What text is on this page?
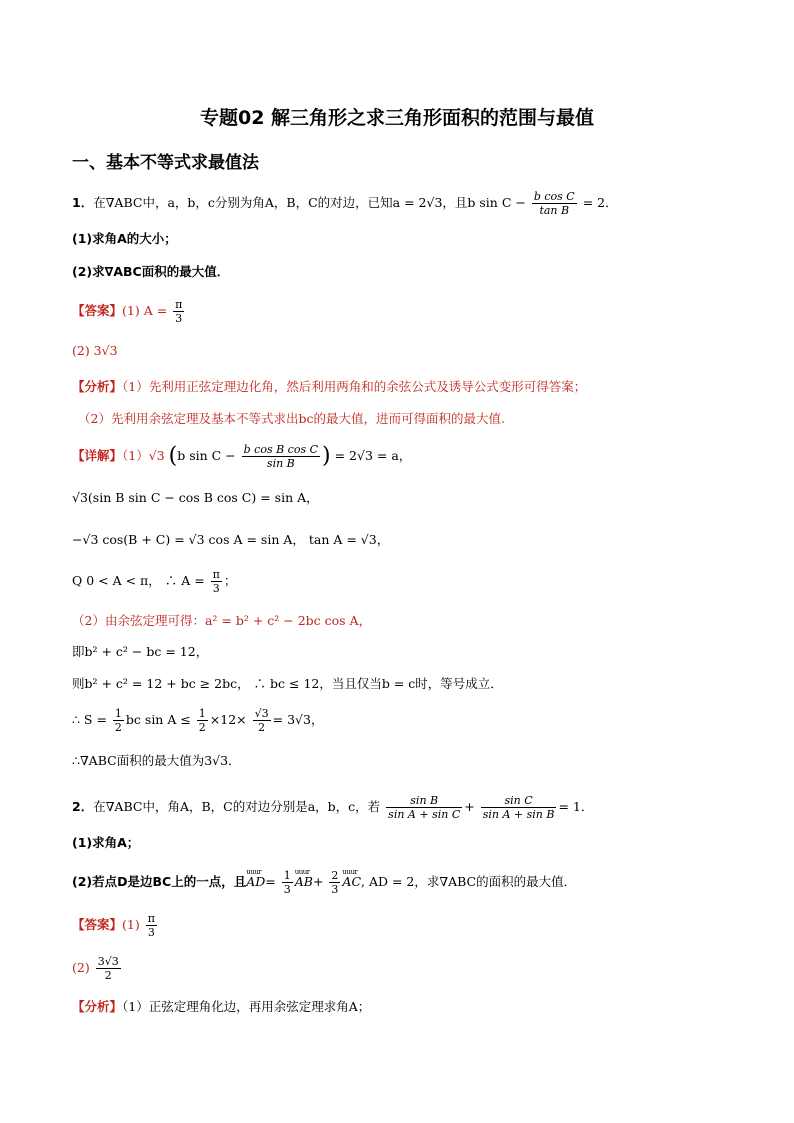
专题02 解三角形之求三角形面积的范围与最值
一、基本不等式求最值法
1．在∇ABC中，a，b，c分别为角A，B，C的对边，已知a = 2√3，且b $\sin C - \frac{\text{b cos C}}{\text{tan B}} = 2$．
(1)求角A的大小；
(2)求∇ABC面积的最大值．
【答案】(1) $A = \frac{\pi}{3}$
(2) 3√3
【分析】（1）先利用正弦定理边化角，然后利用两角和的余弦公式及诱导公式变形可得答案；
（2）先利用余弦定理及基本不等式求出bc的最大值，进而可得面积的最大值.
【详解】（1）√3 (b $\sin C - \frac{\text{b cos B cos C}}{\text{sin B}}$ ) = 2√3 = a，
√3(sin B sin C − cos B cos C) = sin A，
−√3 cos(B + C) = √3 cos A = sin A， tan A = √3，
Q 0 < A < π， ∴ $A = \frac{\pi}{3}$ ；
（2）由余弦定理可得：a² = b² + c² − 2bc cos A，
即b² + c² − bc = 12，
则b² + c² = 12 + bc ≥ 2bc， ∴ bc ≤ 12，当且仅当b = c时，等号成立．
∴ $S = \frac{1}{2}$ bc $\sin A \le \frac{1}{2} \times 12\times \frac{√3}{2} = 3√3$，
∴∇ABC面积的最大值为3√3．
2．在∇ABC中，角A，B，C的对边分别是a，b，c，若 $\frac{\text{sin B}}{\text{sin A + sin C}} + \frac{\text{sin C}}{\text{sin A + sin B}} = 1$．
(1)求角A；
(2)若点D是边BC上的一点，且uuur $AD= \frac{1}{3}$ uuur $AB+ \frac{2}{3}$ uuur AC, AD = 2，求∇ABC的面积的最大值．
【答案】$(1) \frac{\pi}{3}$
$(2) \frac{3√3}{2}$
【分析】（1）正弦定理角化边，再用余弦定理求角A；
